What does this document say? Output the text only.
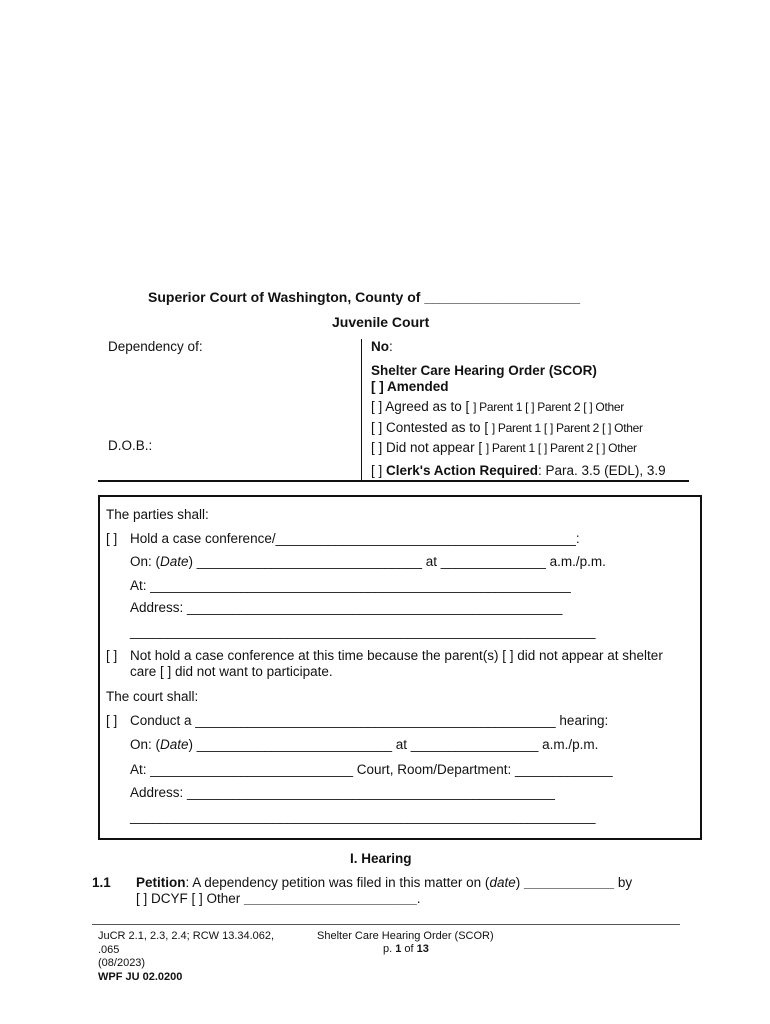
Superior Court of Washington, County of ____________________
Juvenile Court
Dependency of:
D.O.B.:
No:
Shelter Care Hearing Order (SCOR)
[ ] Amended
[ ] Agreed as to [ ] Parent 1 [ ] Parent 2 [ ] Other
[ ] Contested as to [ ] Parent 1 [ ] Parent 2 [ ] Other
[ ] Did not appear [ ] Parent 1 [ ] Parent 2 [ ] Other
[ ] Clerk's Action Required: Para. 3.5 (EDL), 3.9
The parties shall:
[ ] Hold a case conference/________________________________________:
On: (Date) ______________________________ at ______________ a.m./p.m.
At: ________________________________________________________
Address: __________________________________________________
______________________________________________________________
[ ] Not hold a case conference at this time because the parent(s) [ ] did not appear at shelter
care [ ] did not want to participate.
The court shall:
[ ] Conduct a ________________________________________________ hearing:
On: (Date) __________________________ at _________________ a.m./p.m.
At: ___________________________ Court, Room/Department: _____________
Address: _________________________________________________
______________________________________________________________
I. Hearing
1.1 Petition: A dependency petition was filed in this matter on (date) ____________ by
[ ] DCYF [ ] Other _______________________.
JuCR 2.1, 2.3, 2.4; RCW 13.34.062,
.065
(08/2023)
WPF JU 02.0200
Shelter Care Hearing Order (SCOR)
p. 1 of 13
